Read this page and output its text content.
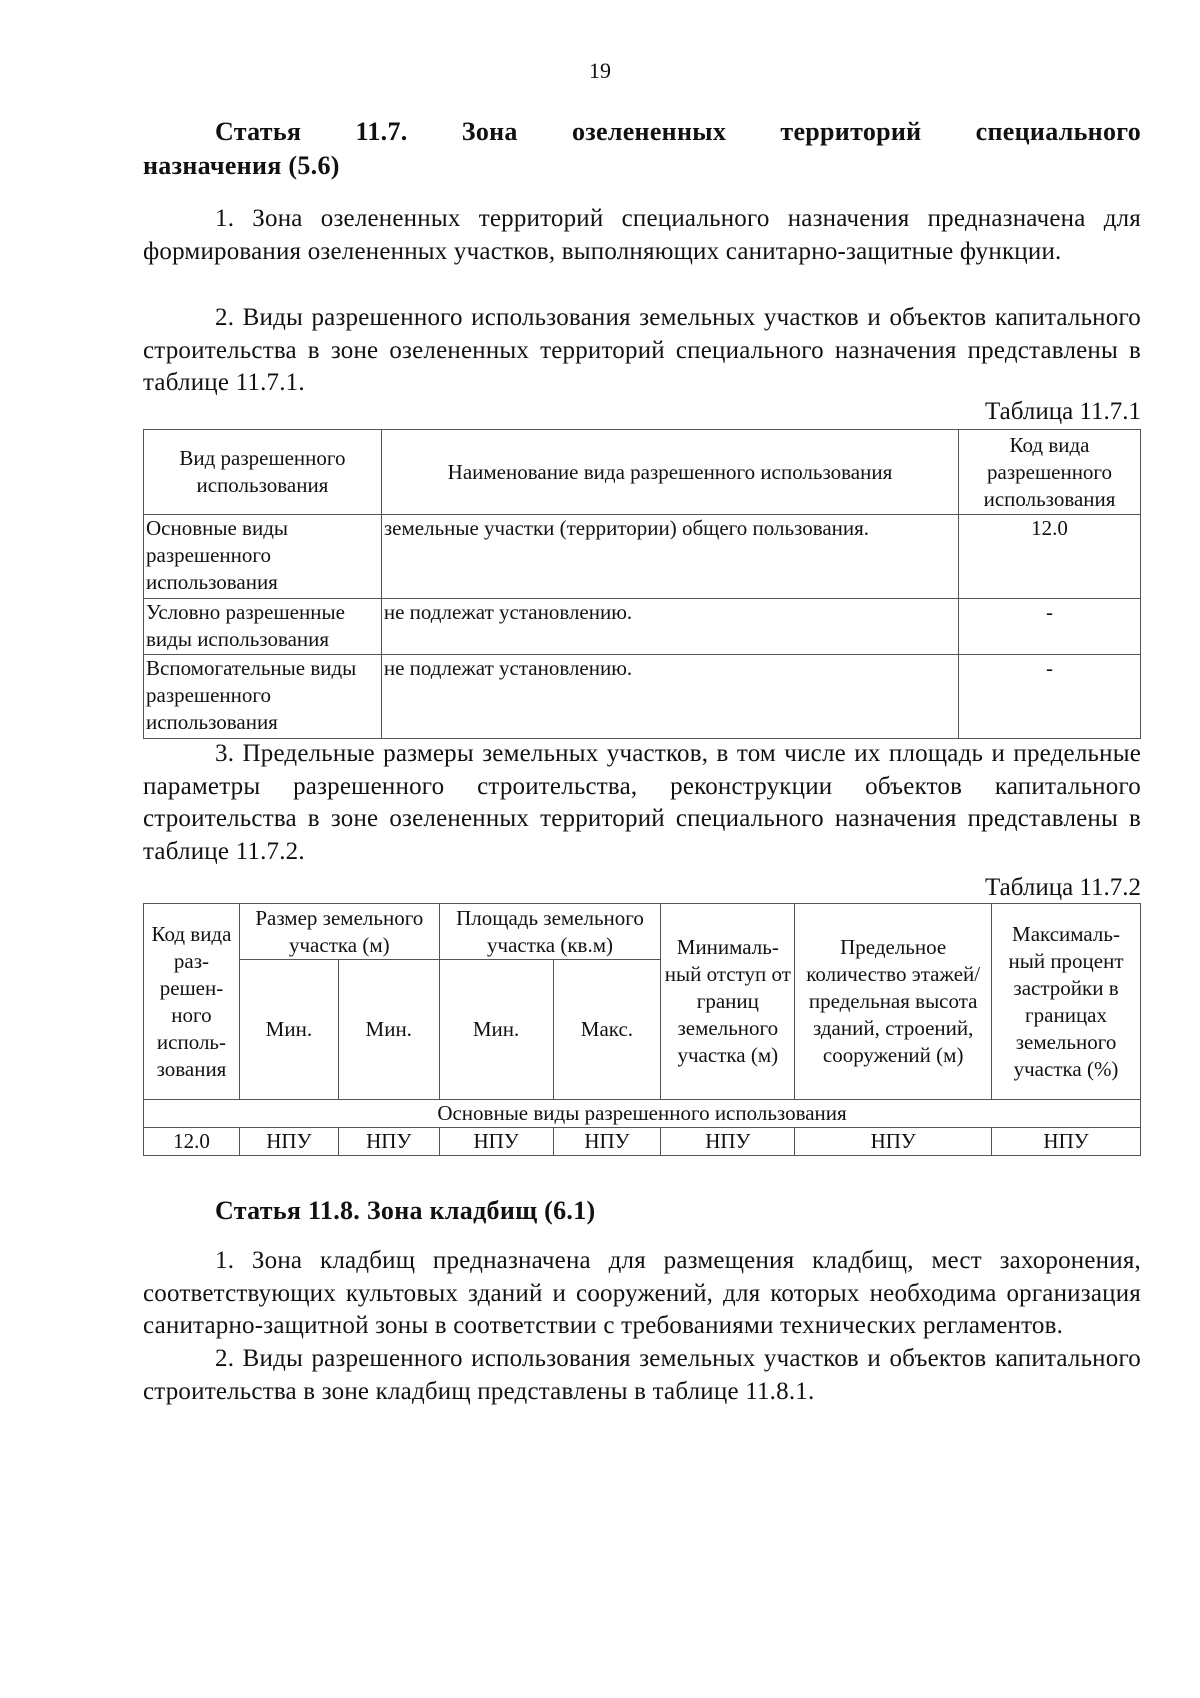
19
Статья 11.7. Зона озелененных территорий специального
назначения (5.6)
1. Зона озелененных территорий специального назначения предназначена для формирования озелененных участков, выполняющих санитарно-защитные функции.
2. Виды разрешенного использования земельных участков и объектов капитального строительства в зоне озелененных территорий специального назначения представлены в таблице 11.7.1.
Таблица 11.7.1
Вид разрешенного использования	Наименование вида разрешенного использования	Код вида разрешенного использования
Основные виды разрешенного использования	земельные участки (территории) общего пользования.	12.0
Условно разрешенные виды использования	не подлежат установлению.	-
Вспомогательные виды разрешенного использования	не подлежат установлению.	-
3. Предельные размеры земельных участков, в том числе их площадь и предельные параметры разрешенного строительства, реконструкции объектов капитального строительства в зоне озелененных территорий специального назначения представлены в таблице 11.7.2.
Таблица 11.7.2
Код вида раз-решен-ного исполь-зования	Размер земельного участка (м)		Площадь земельного участка (кв.м)		Минималь-ный отступ от границ земельного участка (м)	Предельное количество этажей/ предельная высота зданий, строений, сооружений (м)	Максималь-ный процент застройки в границах земельного участка (%)
	Мин.	Мин.	Мин.	Макс.			
Основные виды разрешенного использования							
12.0	НПУ	НПУ	НПУ	НПУ	НПУ	НПУ	НПУ
Статья 11.8. Зона кладбищ (6.1)
1. Зона кладбищ предназначена для размещения кладбищ, мест захоронения, соответствующих культовых зданий и сооружений, для которых необходима организация санитарно-защитной зоны в соответствии с требованиями технических регламентов.
2. Виды разрешенного использования земельных участков и объектов капитального строительства в зоне кладбищ представлены в таблице 11.8.1.
